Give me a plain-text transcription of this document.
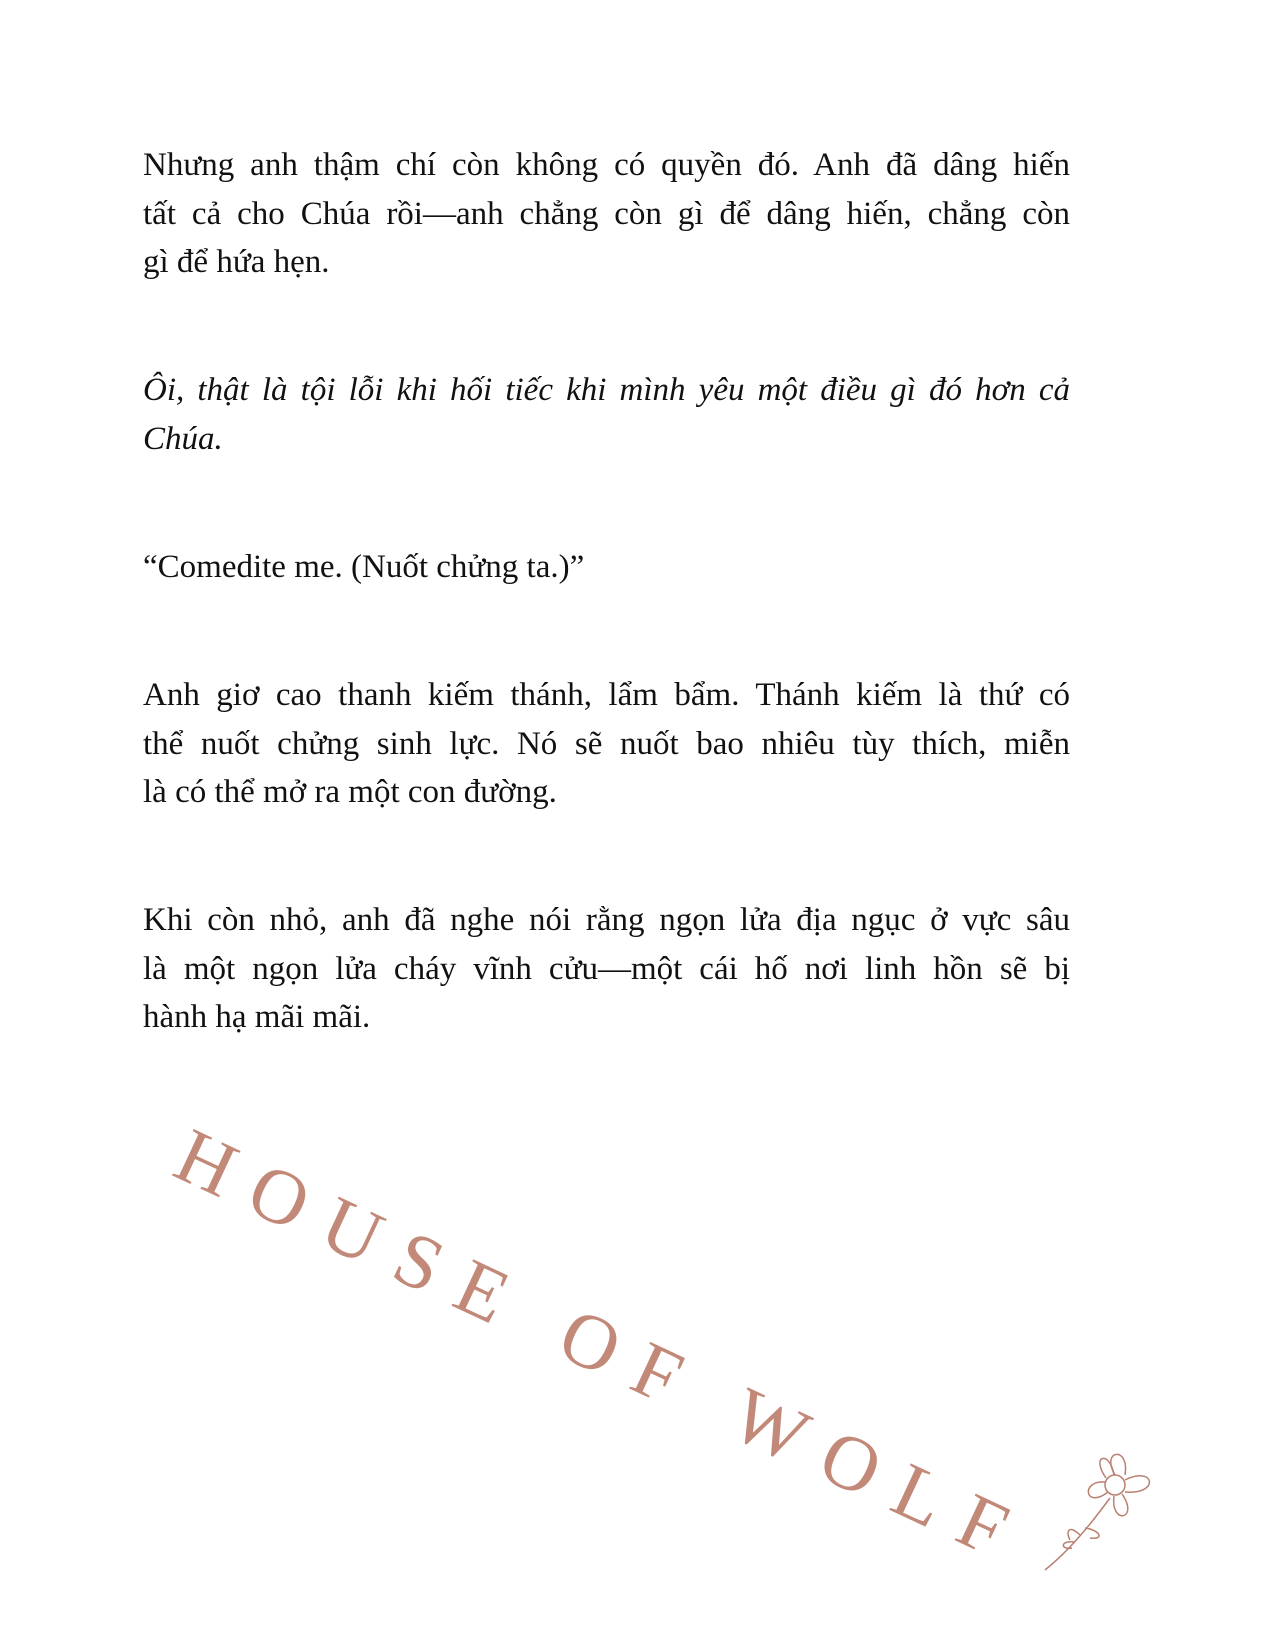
Nhưng anh thậm chí còn không có quyền đó. Anh đã dâng hiến
tất cả cho Chúa rồi—anh chẳng còn gì để dâng hiến, chẳng còn
gì để hứa hẹn.
Ôi, thật là tội lỗi khi hối tiếc khi mình yêu một điều gì đó hơn cả
Chúa.
“Comedite me. (Nuốt chửng ta.)”
Anh giơ cao thanh kiếm thánh, lẩm bẩm. Thánh kiếm là thứ có
thể nuốt chửng sinh lực. Nó sẽ nuốt bao nhiêu tùy thích, miễn
là có thể mở ra một con đường.
Khi còn nhỏ, anh đã nghe nói rằng ngọn lửa địa ngục ở vực sâu
là một ngọn lửa cháy vĩnh cửu—một cái hố nơi linh hồn sẽ bị
hành hạ mãi mãi.
HOUSE OF WOLF
